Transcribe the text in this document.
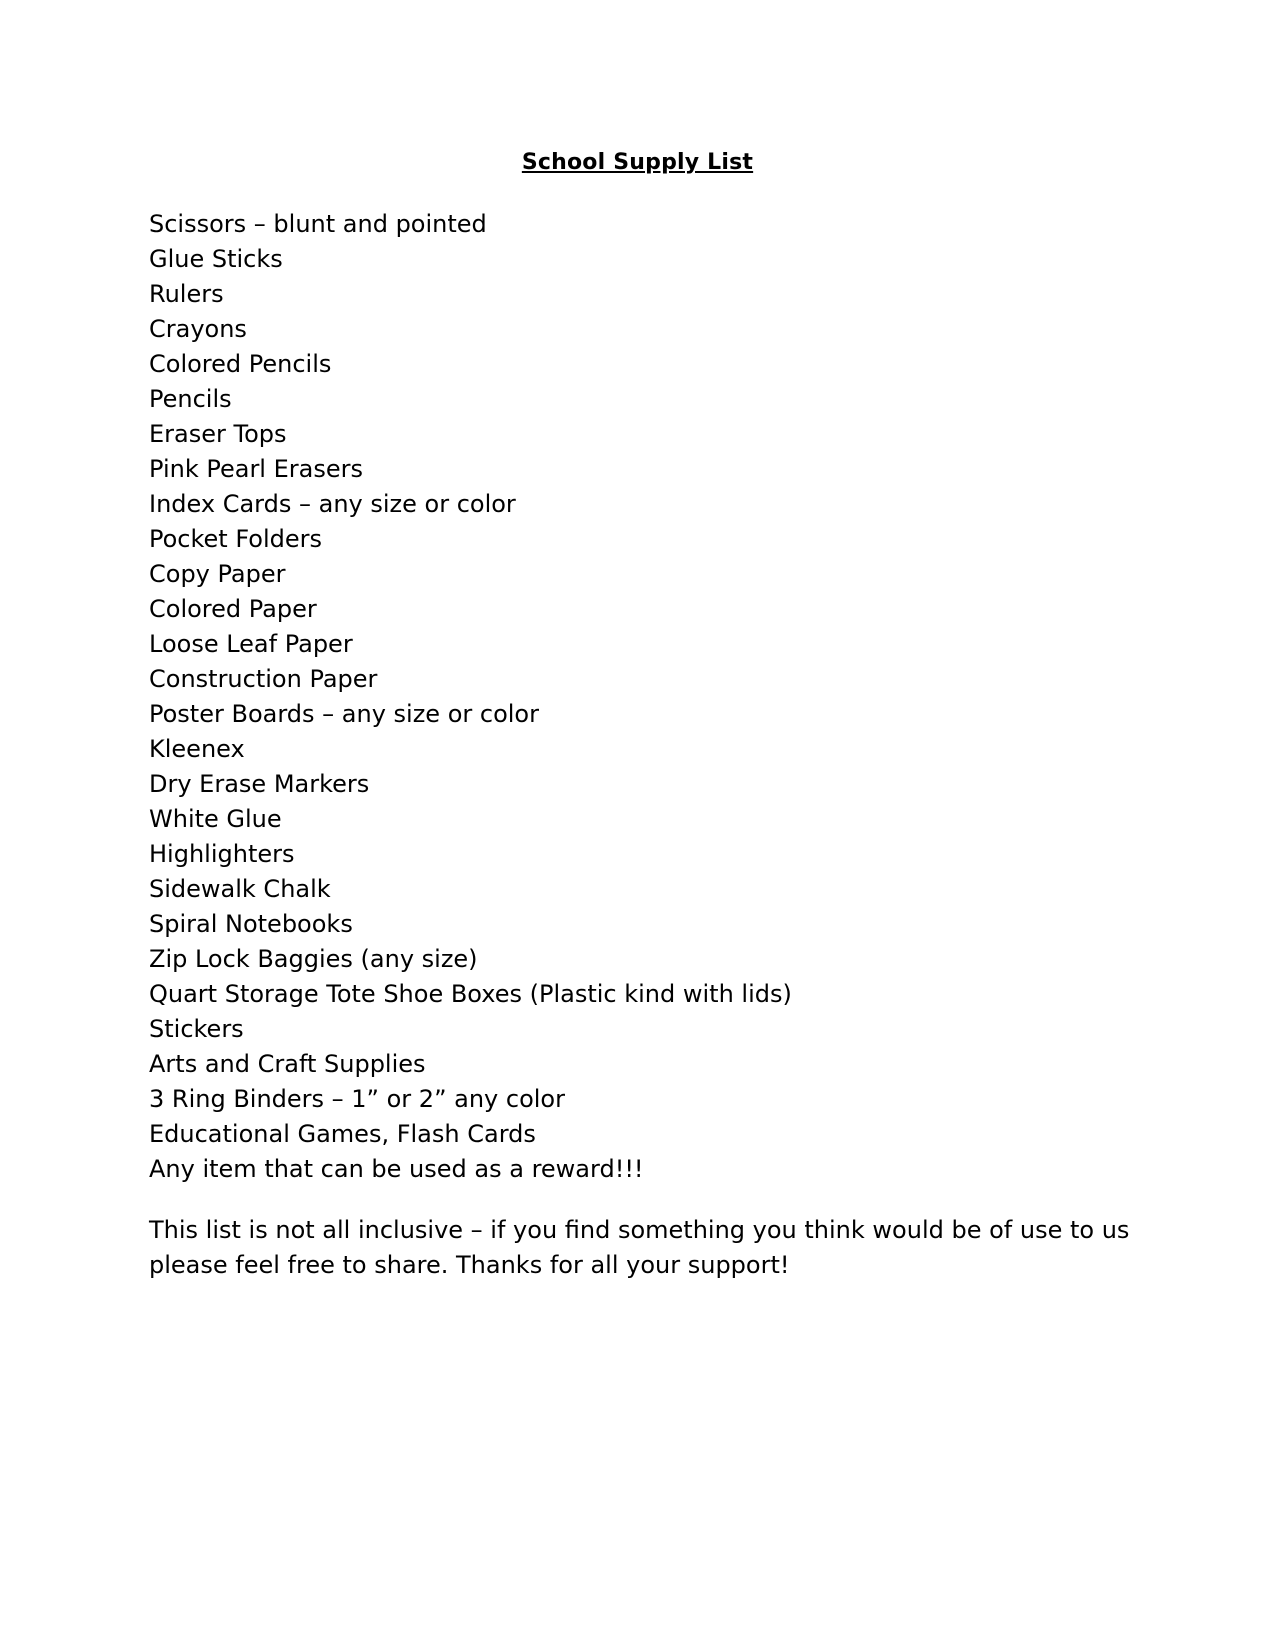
School Supply List
Scissors – blunt and pointed
Glue Sticks
Rulers
Crayons
Colored Pencils
Pencils
Eraser Tops
Pink Pearl Erasers
Index Cards – any size or color
Pocket Folders
Copy Paper
Colored Paper
Loose Leaf Paper
Construction Paper
Poster Boards – any size or color
Kleenex
Dry Erase Markers
White Glue
Highlighters
Sidewalk Chalk
Spiral Notebooks
Zip Lock Baggies (any size)
Quart Storage Tote Shoe Boxes (Plastic kind with lids)
Stickers
Arts and Craft Supplies
3 Ring Binders – 1” or 2” any color
Educational Games, Flash Cards
Any item that can be used as a reward!!!

This list is not all inclusive – if you find something you think would be of use to us
please feel free to share. Thanks for all your support!
